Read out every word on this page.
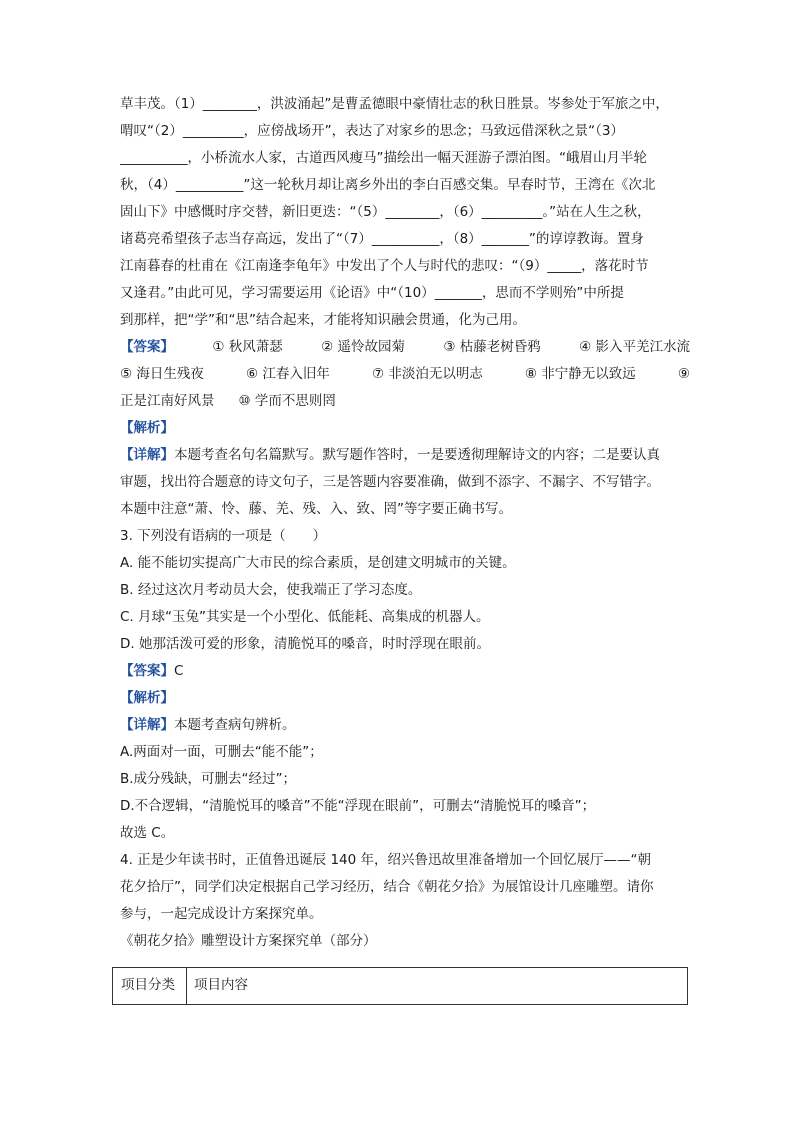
草丰茂。（1）________，洪波涌起”是曹孟德眼中豪情壮志的秋日胜景。岑参处于军旅之中，
喟叹“（2）_________，应傍战场开”，表达了对家乡的思念；马致远借深秋之景“（3）
__________，小桥流水人家，古道西风瘦马”描绘出一幅天涯游子漂泊图。“峨眉山月半轮
秋，（4）__________”这一轮秋月却让离乡外出的李白百感交集。早春时节，王湾在《次北
固山下》中感慨时序交替，新旧更迭：“（5）________，（6）_________。”站在人生之秋，
诸葛亮希望孩子志当存高远，发出了“（7）__________，（8）_______”的谆谆教诲。置身
江南暮春的杜甫在《江南逢李龟年》中发出了个人与时代的悲叹：“（9）_____，落花时节
又逢君。”由此可见，学习需要运用《论语》中“（10）_______，思而不学则殆”中所提
到那样，把“学”和“思”结合起来，才能将知识融会贯通，化为己用。
【答案】	① 秋风萧瑟	② 遥怜故园菊	③ 枯藤老树昏鸦	④ 影入平羌江水流
⑤ 海日生残夜	⑥ 江春入旧年	⑦ 非淡泊无以明志	⑧ 非宁静无以致远	⑨
正是江南好风景 ⑩ 学而不思则罔
【解析】
【详解】本题考查名句名篇默写。默写题作答时，一是要透彻理解诗文的内容；二是要认真
审题，找出符合题意的诗文句子，三是答题内容要准确，做到不添字、不漏字、不写错字。
本题中注意“萧、怜、藤、羌、残、入、致、罔”等字要正确书写。
3. 下列没有语病的一项是（　　）
A. 能不能切实提高广大市民的综合素质，是创建文明城市的关键。
B. 经过这次月考动员大会，使我端正了学习态度。
C. 月球“玉兔”其实是一个小型化、低能耗、高集成的机器人。
D. 她那活泼可爱的形象，清脆悦耳的嗓音，时时浮现在眼前。
【答案】C
【解析】
【详解】本题考查病句辨析。
A.两面对一面，可删去“能不能”；
B.成分残缺，可删去“经过”；
D.不合逻辑，“清脆悦耳的嗓音”不能“浮现在眼前”，可删去“清脆悦耳的嗓音”；
故选 C。
4. 正是少年读书时，正值鲁迅诞辰 140 年，绍兴鲁迅故里准备增加一个回忆展厅——“朝
花夕拾厅”，同学们决定根据自己学习经历，结合《朝花夕拾》为展馆设计几座雕塑。请你
参与，一起完成设计方案探究单。
《朝花夕拾》雕塑设计方案探究单（部分）
项目分类	项目内容
